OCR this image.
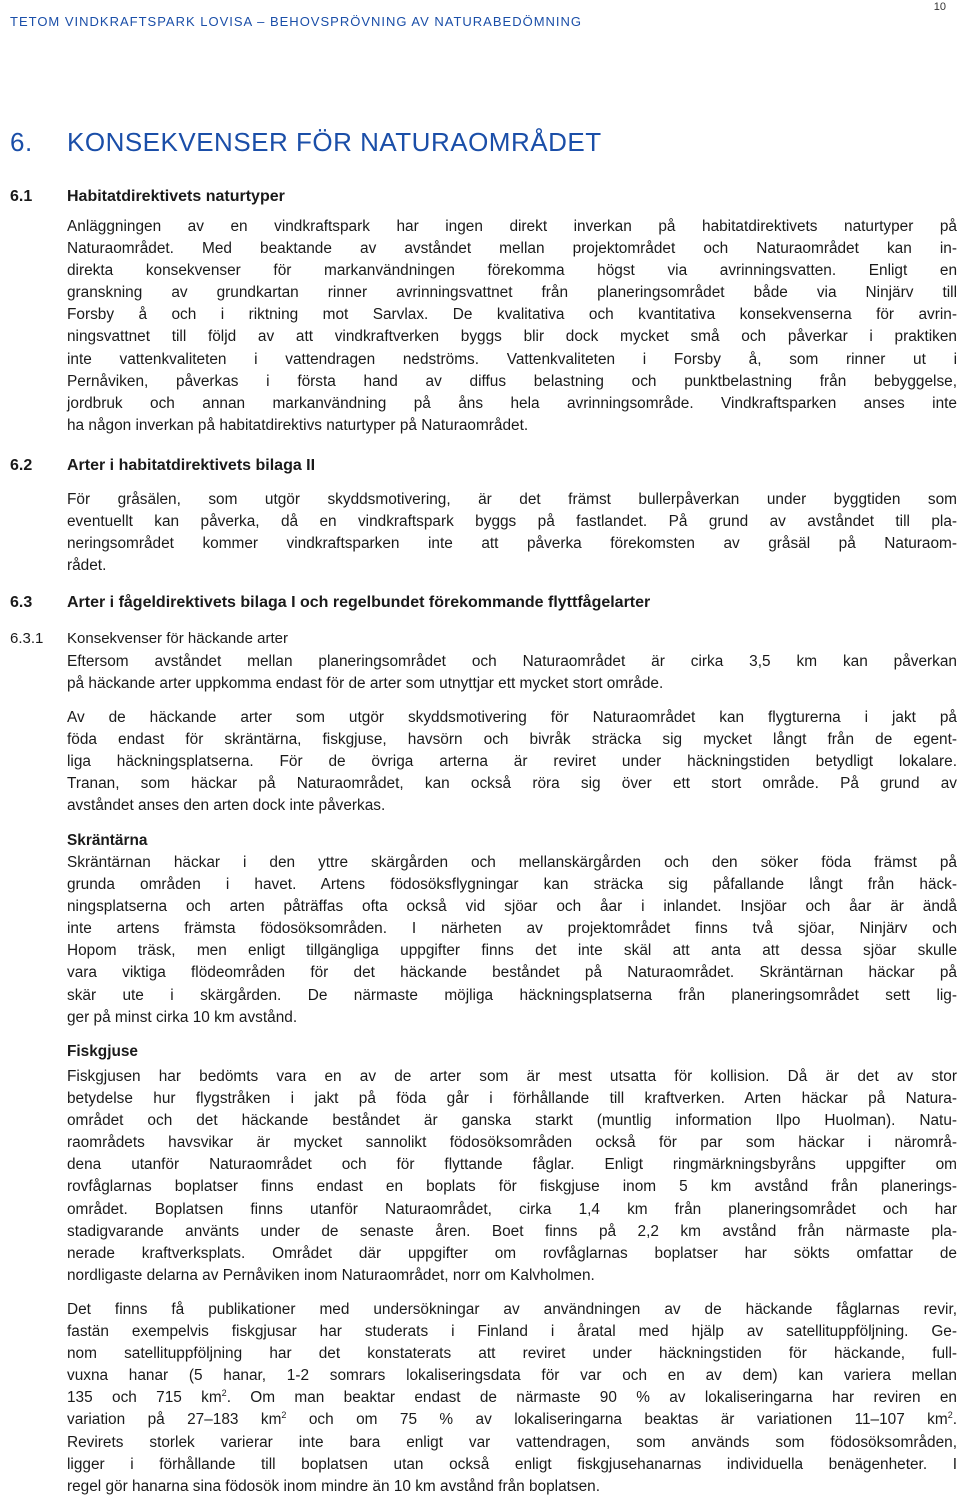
10
TETOM VINDKRAFTSPARK LOVISA – BEHOVSPRÖVNING AV NATURABEDÖMNING
6. KONSEKVENSER FÖR NATURAOMRÅDET
6.1 Habitatdirektivets naturtyper
Anläggningen av en vindkraftspark har ingen direkt inverkan på habitatdirektivets naturtyper på
Naturaområdet. Med beaktande av avståndet mellan projektområdet och Naturaområdet kan in-
direkta konsekvenser för markanvändningen förekomma högst via avrinningsvatten. Enligt en
granskning av grundkartan rinner avrinningsvattnet från planeringsområdet både via Ninjärv till
Forsby å och i riktning mot Sarvlax. De kvalitativa och kvantitativa konsekvenserna för avrin-
ningsvattnet till följd av att vindkraftverken byggs blir dock mycket små och påverkar i praktiken
inte vattenkvaliteten i vattendragen nedströms. Vattenkvaliteten i Forsby å, som rinner ut i
Pernåviken, påverkas i första hand av diffus belastning och punktbelastning från bebyggelse,
jordbruk och annan markanvändning på åns hela avrinningsområde. Vindkraftsparken anses inte
ha någon inverkan på habitatdirektivs naturtyper på Naturaområdet.
6.2 Arter i habitatdirektivets bilaga II
För gråsälen, som utgör skyddsmotivering, är det främst bullerpåverkan under byggtiden som
eventuellt kan påverka, då en vindkraftspark byggs på fastlandet. På grund av avståndet till pla-
neringsområdet kommer vindkraftsparken inte att påverka förekomsten av gråsäl på Naturaom-
rådet.
6.3 Arter i fågeldirektivets bilaga I och regelbundet förekommande flyttfågelarter
6.3.1 Konsekvenser för häckande arter
Eftersom avståndet mellan planeringsområdet och Naturaområdet är cirka 3,5 km kan påverkan
på häckande arter uppkomma endast för de arter som utnyttjar ett mycket stort område.
Av de häckande arter som utgör skyddsmotivering för Naturaområdet kan flygturerna i jakt på
föda endast för skräntärna, fiskgjuse, havsörn och bivråk sträcka sig mycket långt från de egent-
liga häckningsplatserna. För de övriga arterna är reviret under häckningstiden betydligt lokalare.
Tranan, som häckar på Naturaområdet, kan också röra sig över ett stort område. På grund av
avståndet anses den arten dock inte påverkas.
Skräntärna
Skräntärnan häckar i den yttre skärgården och mellanskärgården och den söker föda främst på
grunda områden i havet. Artens födosöksflygningar kan sträcka sig påfallande långt från häck-
ningsplatserna och arten påträffas ofta också vid sjöar och åar i inlandet. Insjöar och åar är ändå
inte artens främsta födosöksområden. I närheten av projektområdet finns två sjöar, Ninjärv och
Hopom träsk, men enligt tillgängliga uppgifter finns det inte skäl att anta att dessa sjöar skulle
vara viktiga flödeområden för det häckande beståndet på Naturaområdet. Skräntärnan häckar på
skär ute i skärgården. De närmaste möjliga häckningsplatserna från planeringsområdet sett lig-
ger på minst cirka 10 km avstånd.
Fiskgjuse
Fiskgjusen har bedömts vara en av de arter som är mest utsatta för kollision. Då är det av stor
betydelse hur flygstråken i jakt på föda går i förhållande till kraftverken. Arten häckar på Natura-
området och det häckande beståndet är ganska starkt (muntlig information Ilpo Huolman). Natu-
raområdets havsvikar är mycket sannolikt födosöksområden också för par som häckar i närområ-
dena utanför Naturaområdet och för flyttande fåglar. Enligt ringmärkningsbyråns uppgifter om
rovfåglarnas boplatser finns endast en boplats för fiskgjuse inom 5 km avstånd från planerings-
området. Boplatsen finns utanför Naturaområdet, cirka 1,4 km från planeringsområdet och har
stadigvarande använts under de senaste åren. Boet finns på 2,2 km avstånd från närmaste pla-
nerade kraftverksplats. Området där uppgifter om rovfåglarnas boplatser har sökts omfattar de
nordligaste delarna av Pernåviken inom Naturaområdet, norr om Kalvholmen.
Det finns få publikationer med undersökningar av användningen av de häckande fåglarnas revir,
fastän exempelvis fiskgjusar har studerats i Finland i åratal med hjälp av satellituppföljning. Ge-
nom satellituppföljning har det konstaterats att reviret under häckningstiden för häckande, full-
vuxna hanar (5 hanar, 1-2 somrars lokaliseringsdata för var och en av dem) kan variera mellan
135 och 715 $km^2$. Om man beaktar endast de närmaste 90 % av lokaliseringarna har reviren en
variation på 27–183 $km^2$ och om 75 % av lokaliseringarna beaktas är variationen 11–107 $km^2$.
Revirets storlek varierar inte bara enligt var vattendragen, som används som födosöksområden,
ligger i förhållande till boplatsen utan också enligt fiskgjusehanarnas individuella benägenheter. I
regel gör hanarna sina födosök inom mindre än 10 km avstånd från boplatsen.
